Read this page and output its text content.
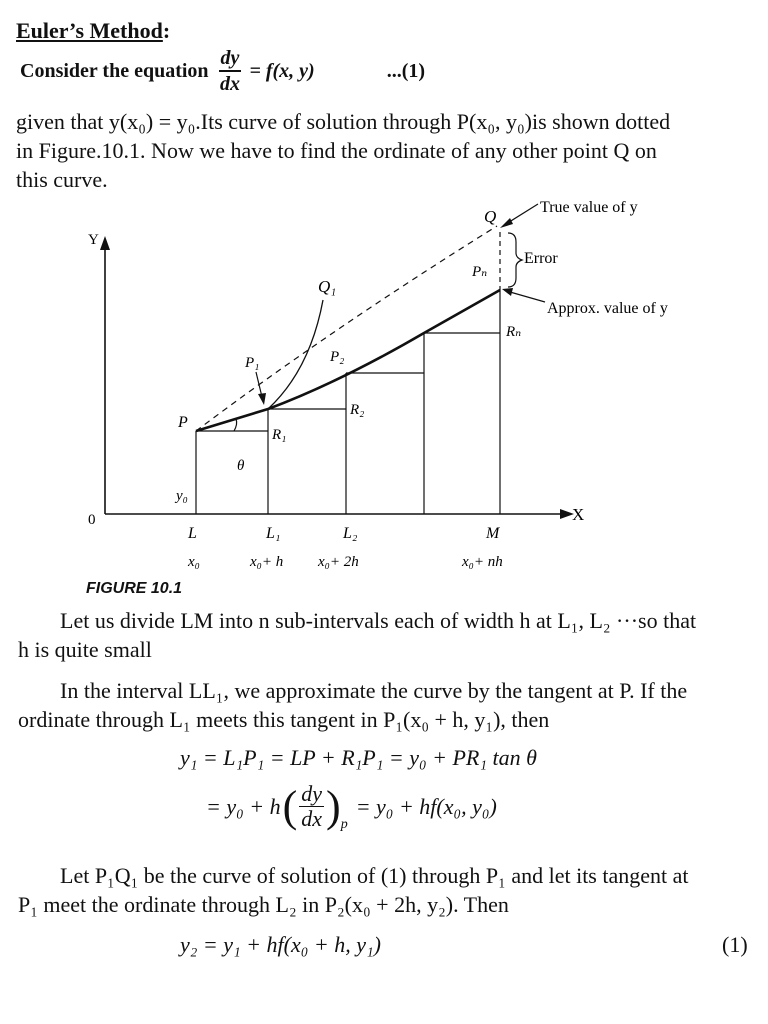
Euler’s Method:
Consider the equation $\frac{dy}{dx} = f(x$, y)	...(1)
given that y(x₀) = y₀.Its curve of solution through P(x₀, y₀)is shown dotted
in Figure.10.1. Now we have to find the ordinate of any other point Q on
this curve.
Y
X
0
True value of y
Error
Approx. value of y
Q
Q₁
Pₙ
Rₙ
P₁	P₂
R₂
P
R₁
θ
y₀
L	L₁	L₂	M
x₀	x₀+ h x₀+ 2h	x₀+ nh
FIGURE 10.1
Let us divide LM into n sub-intervals each of width h at L₁, L₂ ···so that
h is quite small
In the interval LL₁, we approximate the curve by the tangent at P. If the
ordinate through L₁ meets this tangent in P₁(x₀ + h, y₁), then
y₁ = L₁P₁ = LP + R₁P₁ = y₀ + PR₁ tan θ
= y₀ + h ( $\frac{dy}{dx}$ ) p
= y₀ + hf(x₀, y₀)
Let P₁Q₁ be the curve of solution of (1) through P₁ and let its tangent at
P₁ meet the ordinate through L₂ in P₂(x₀ + 2h, y₂). Then
y₂ = y₁ + hf(x₀ + h, y₁)	(1)
